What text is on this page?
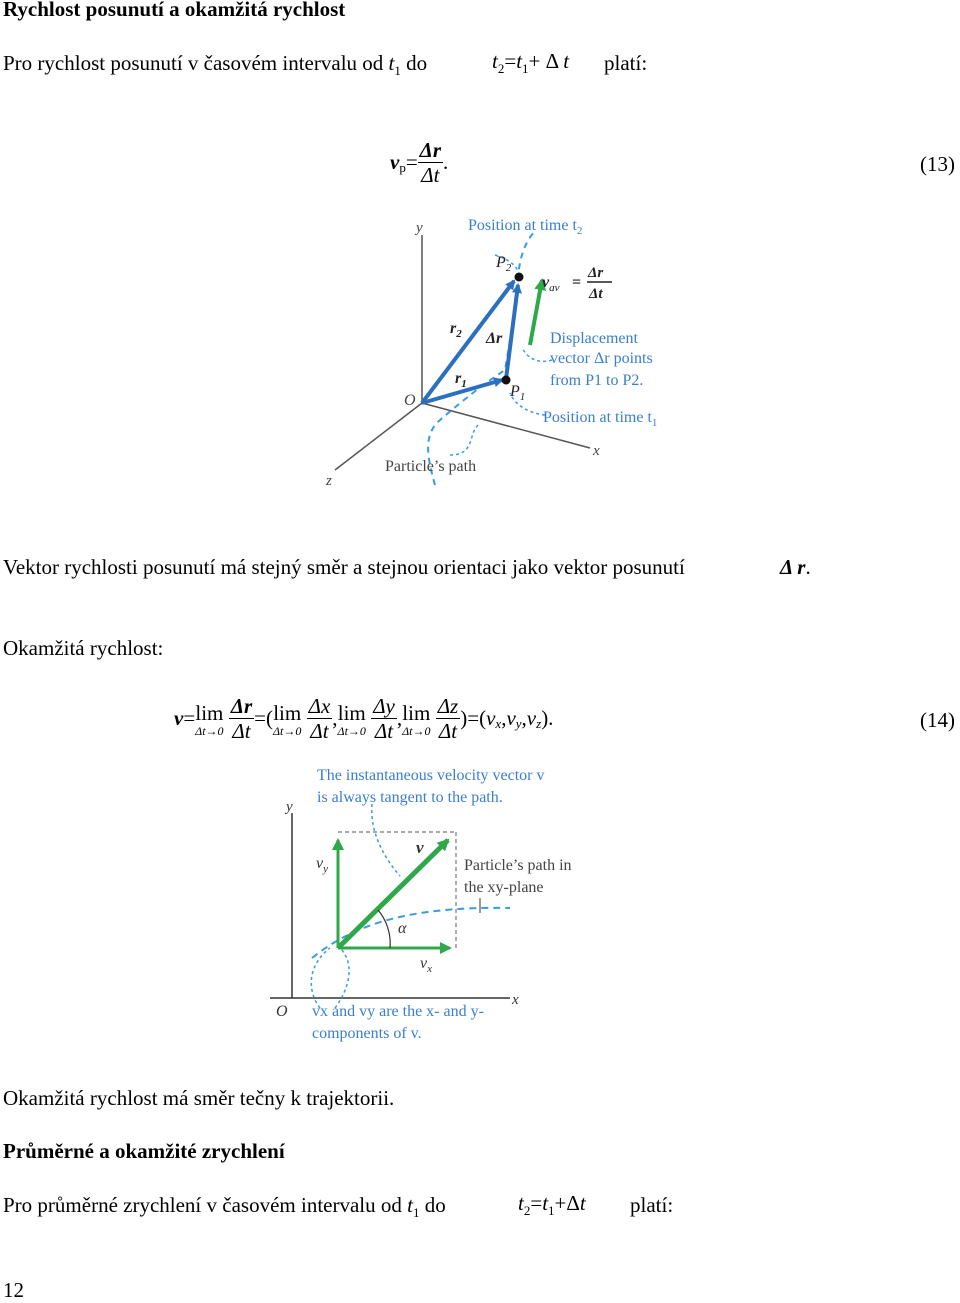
Rychlost posunutí a okamžitá rychlost
Pro rychlost posunutí v časovém intervalu od $t_1$ do	$t_2=t_1+ \Delta$ t platí:
$v_p= \frac{\Delta r}{\Delta t}$ .	(13)
y
x
z
O
Position at time $t_2$
$P_2$
$P_1$
$r_2$
$r_1$
Δr
$v_{av}$ =
Δr
Δt
Displacement
vector Δr points
from P1 to P2.
Position at time $t_1$
Particle’s path
Vektor rychlosti posunutí má stejný směr a stejnou orientaci jako vektor posunutí	Δ r.
Okamžitá rychlost:
v= lim
Δt→0
$\frac{\Delta r}{\Delta t}$ =( lim
Δt→0
$\frac{\Delta x}{\Delta t}$ , lim
Δt→0
$\frac{\Delta y}{\Delta t}$ , lim
Δt→0
$\frac{\Delta z}{\Delta t} )=(v_x,v_y,v_z)$.	(14)
The instantaneous velocity vector v
is always tangent to the path.
y
x
O
α
$v_y$
$v_x$
v
Particle’s path in
the xy-plane
vx and vy are the x- and y-
components of v.
Okamžitá rychlost má směr tečny k trajektorii.
Průměrné a okamžité zrychlení
Pro průměrné zrychlení v časovém intervalu od $t_1$ do	$t_2=t_1+\Delta t$ platí:
12
